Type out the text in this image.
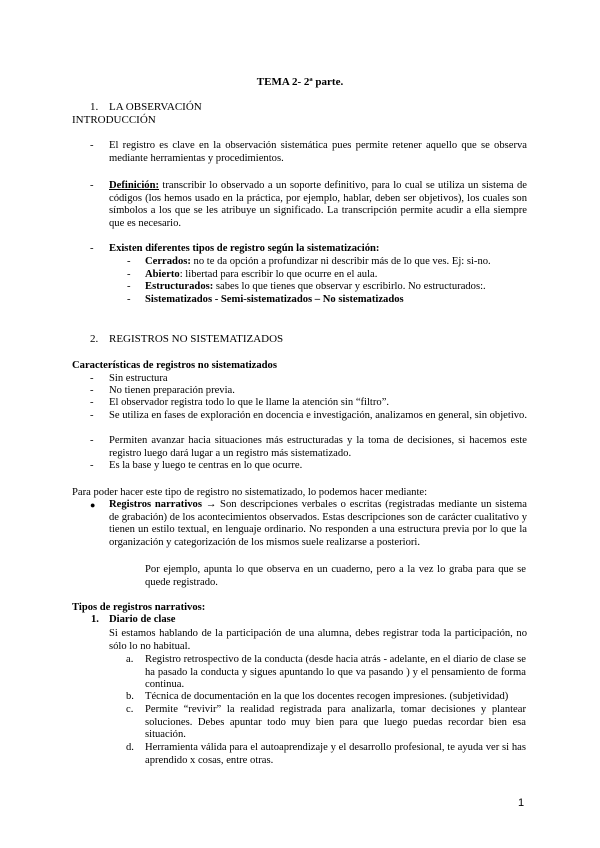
TEMA 2- 2ª parte.
1. LA OBSERVACIÓN
INTRODUCCIÓN
- El registro es clave en la observación sistemática pues permite retener aquello que se observa mediante herramientas y procedimientos.

- Definición: transcribir lo observado a un soporte definitivo, para lo cual se utiliza un sistema de códigos (los hemos usado en la práctica, por ejemplo, hablar, deben ser objetivos), los cuales son símbolos a los que se les atribuye un significado. La transcripción permite acudir a ella siempre que es necesario.

- Existen diferentes tipos de registro según la sistematización:

- Cerrados: no te da opción a profundizar ni describir más de lo que ves. Ej: si-no.

- Abierto: libertad para escribir lo que ocurre en el aula.

- Estructurados: sabes lo que tienes que observar y escribirlo. No estructurados:.

- Sistematizados - Semi-sistematizados – No sistematizados

2. REGISTROS NO SISTEMATIZADOS
Características de registros no sistematizados
- Sin estructura

- No tienen preparación previa.

- El observador registra todo lo que le llame la atención sin “filtro”.

- Se utiliza en fases de exploración en docencia e investigación, analizamos en general, sin objetivo.

- Permiten avanzar hacia situaciones más estructuradas y la toma de decisiones, si hacemos este registro luego dará lugar a un registro más sistematizado.

- Es la base y luego te centras en lo que ocurre.

Para poder hacer este tipo de registro no sistematizado, lo podemos hacer mediante:

● Registros narrativos → Son descripciones verbales o escritas (registradas mediante un sistema de grabación) de los acontecimientos observados. Estas descripciones son de carácter cualitativo y tienen un estilo textual, en lenguaje ordinario. No responden a una estructura previa por lo que la organización y categorización de los mismos suele realizarse a posteriori.

Por ejemplo, apunta lo que observa en un cuaderno, pero a la vez lo graba para que se quede registrado.

Tipos de registros narrativos:
1. Diario de clase

Si estamos hablando de la participación de una alumna, debes registrar toda la participación, no sólo lo no habitual.

a. Registro retrospectivo de la conducta (desde hacia atrás - adelante, en el diario de clase se ha pasado la conducta y sigues apuntando lo que va pasando ) y el pensamiento de forma continua.

b. Técnica de documentación en la que los docentes recogen impresiones. (subjetividad)

c. Permite “revivir” la realidad registrada para analizarla, tomar decisiones y plantear soluciones. Debes apuntar todo muy bien para que luego puedas recordar bien esa situación.

d. Herramienta válida para el autoaprendizaje y el desarrollo profesional, te ayuda ver si has aprendido x cosas, entre otras.

1
